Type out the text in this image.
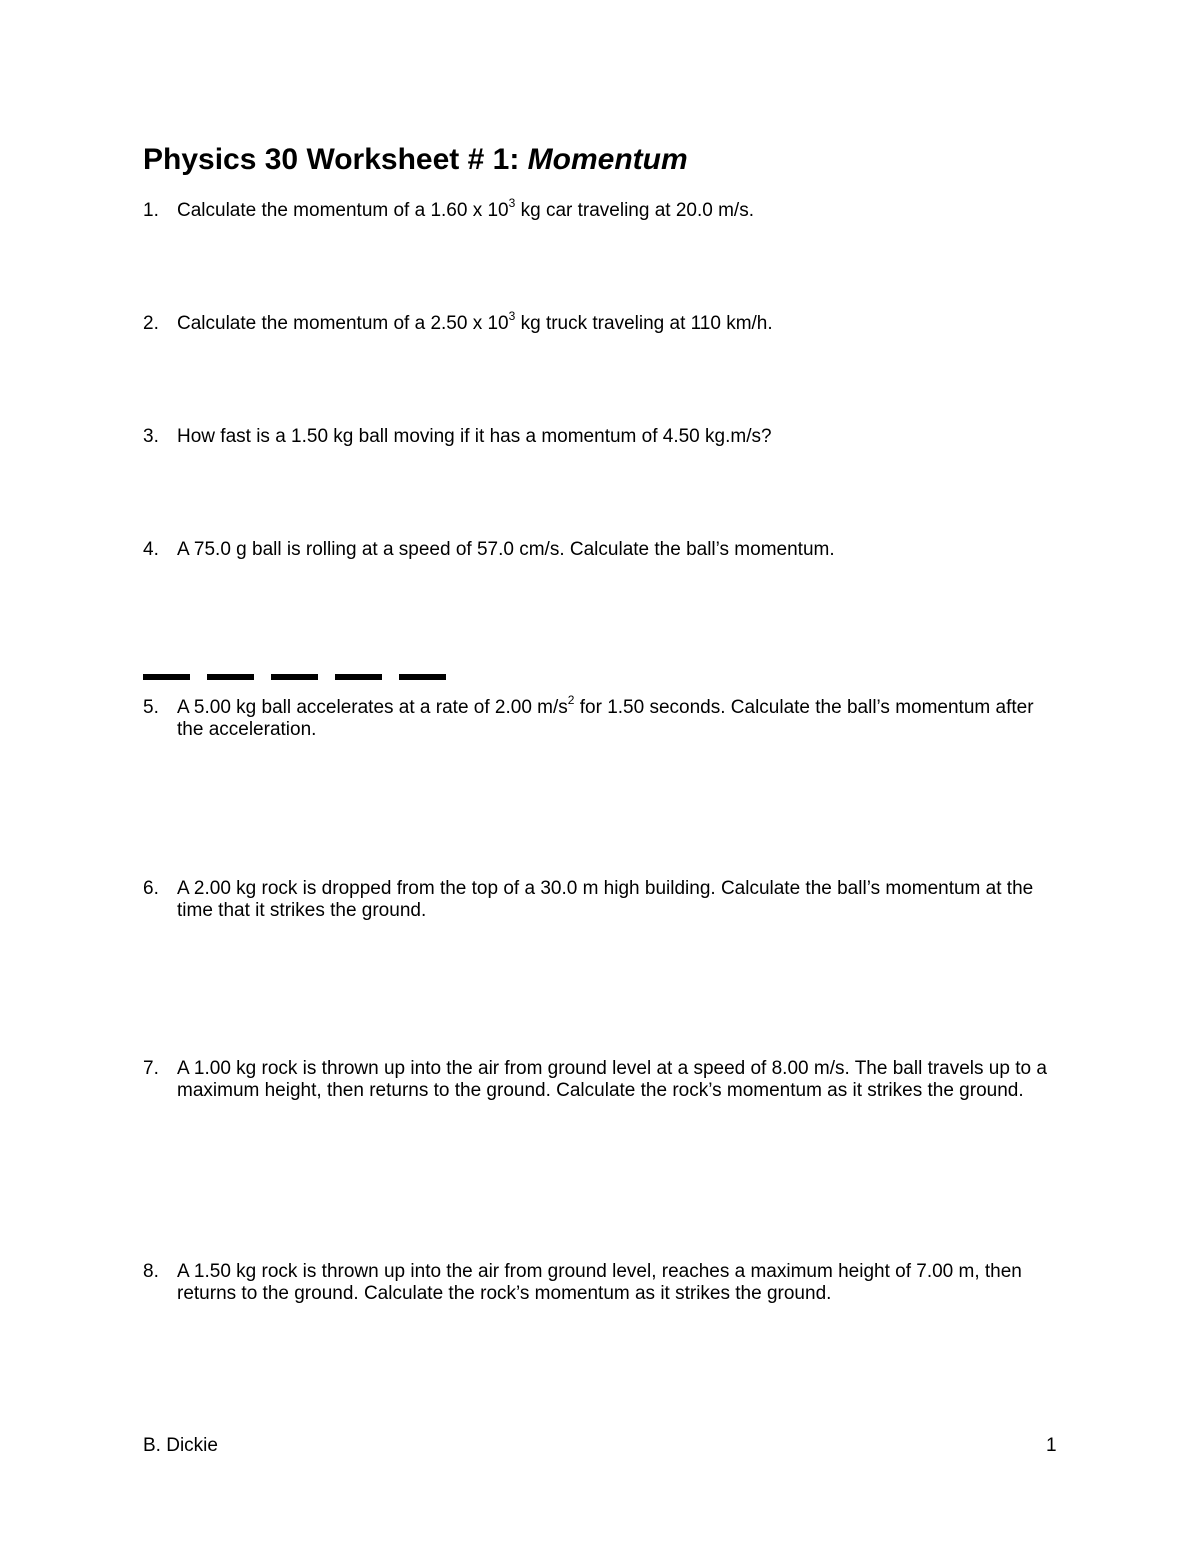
Physics 30 Worksheet # 1: Momentum
1. Calculate the momentum of a 1.60 x $10^3$ kg car traveling at 20.0 m/s.
2. Calculate the momentum of a 2.50 x $10^3$ kg truck traveling at 110 km/h.
3. How fast is a 1.50 kg ball moving if it has a momentum of 4.50 kg.m/s?
4. A 75.0 g ball is rolling at a speed of 57.0 cm/s. Calculate the ball’s momentum.
5. A 5.00 kg ball accelerates at a rate of 2.00 $m/s^2$ for 1.50 seconds. Calculate the ball’s momentum after the acceleration.
6. A 2.00 kg rock is dropped from the top of a 30.0 m high building. Calculate the ball’s momentum at the time that it strikes the ground.
7. A 1.00 kg rock is thrown up into the air from ground level at a speed of 8.00 m/s. The ball travels up to a maximum height, then returns to the ground. Calculate the rock’s momentum as it strikes the ground.
8. A 1.50 kg rock is thrown up into the air from ground level, reaches a maximum height of 7.00 m, then returns to the ground. Calculate the rock’s momentum as it strikes the ground.
B. Dickie	1
